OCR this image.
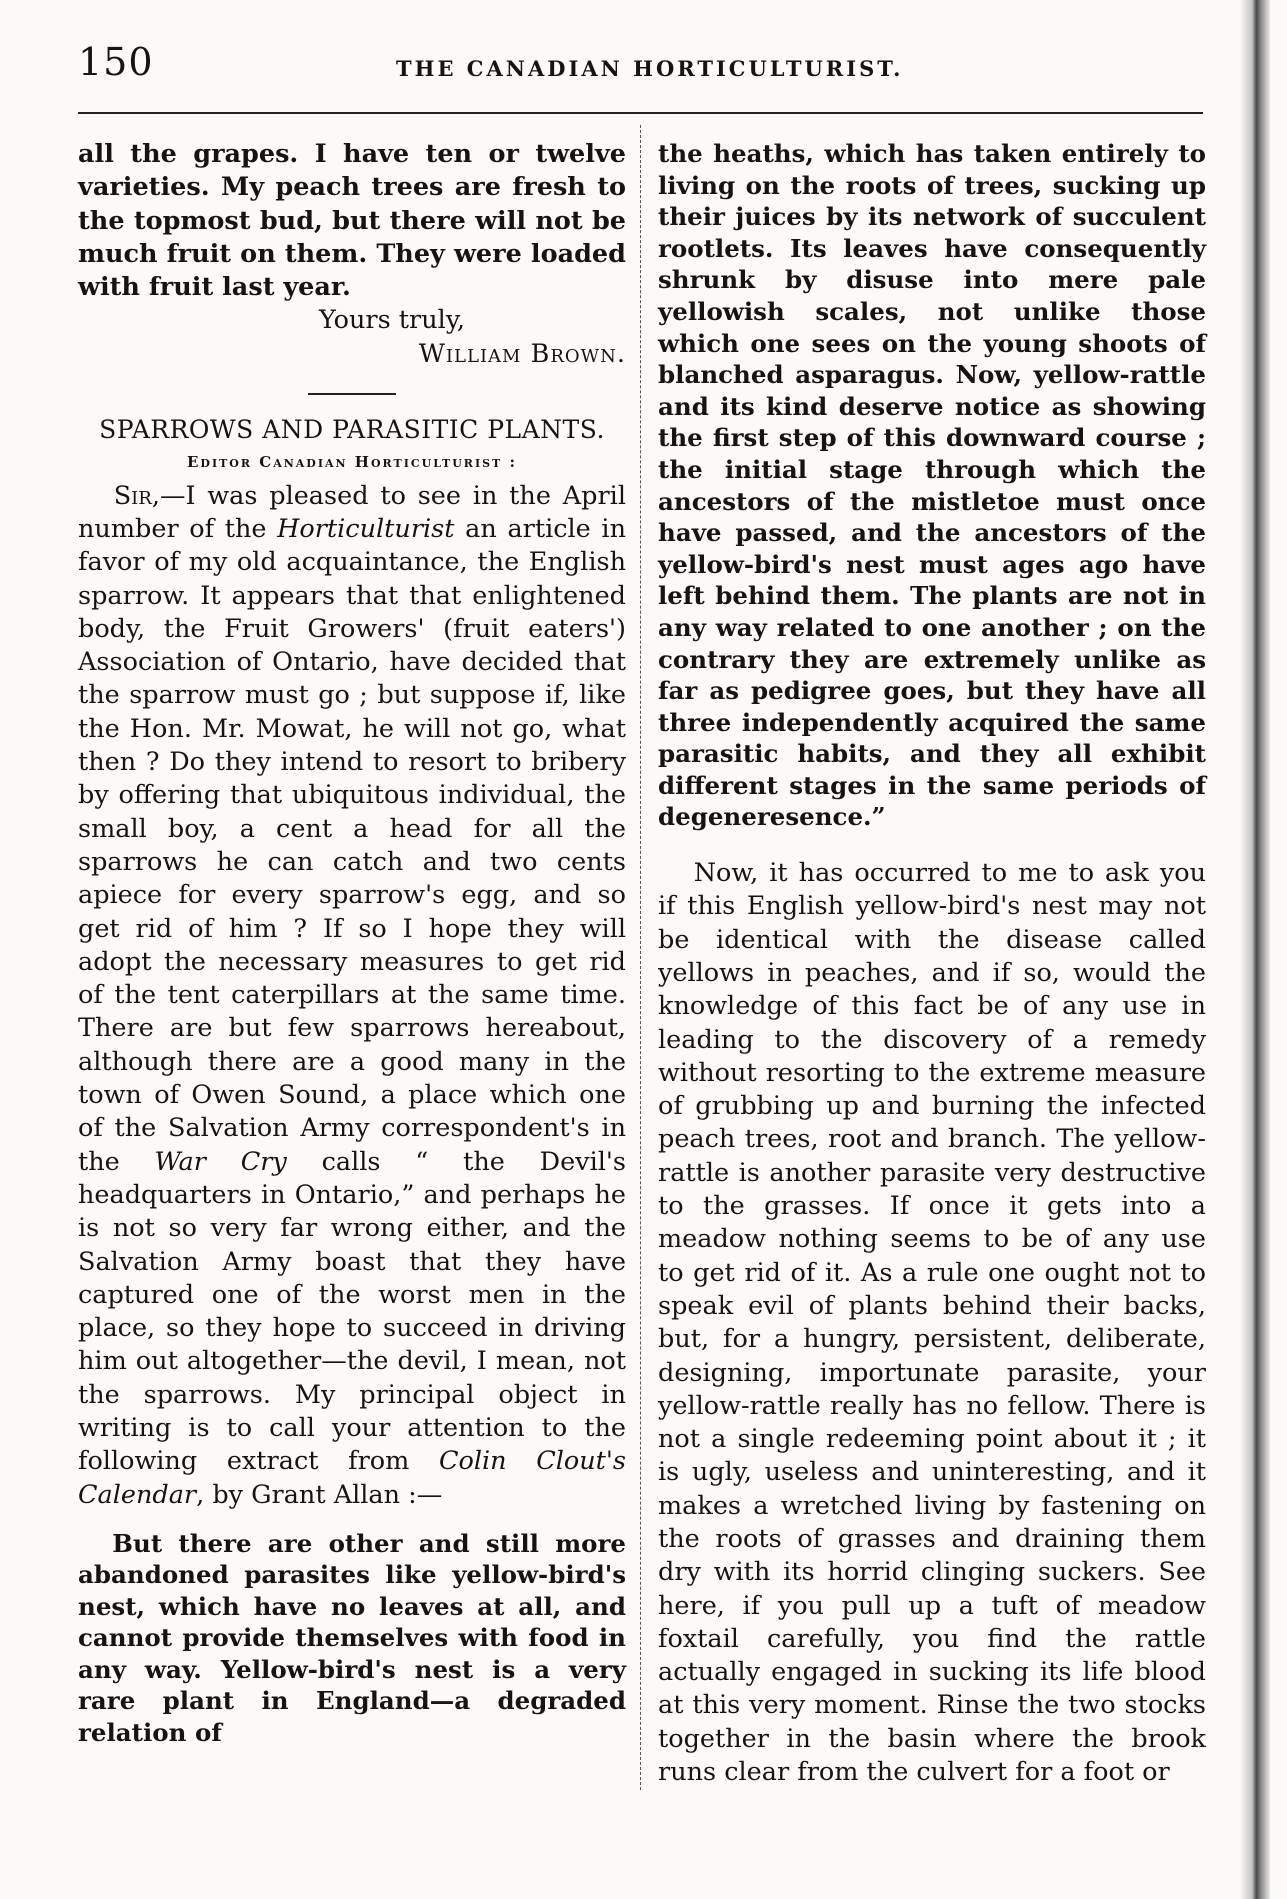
150	THE CANADIAN HORTICULTURIST.

all the grapes. I have ten or twelve varieties. My peach trees are fresh to the topmost bud, but there will not be much fruit on them. They were loaded with fruit last year.

Yours truly,

William Brown.

SPARROWS AND PARASITIC PLANTS.

Editor Canadian Horticulturist :

Sir,—I was pleased to see in the April number of the Horticulturist an article in favor of my old acquaintance, the English sparrow. It appears that that enlightened body, the Fruit Growers' (fruit eaters') Association of Ontario, have decided that the sparrow must go ; but suppose if, like the Hon. Mr. Mowat, he will not go, what then ? Do they intend to resort to bribery by offering that ubiquitous individual, the small boy, a cent a head for all the sparrows he can catch and two cents apiece for every sparrow's egg, and so get rid of him ? If so I hope they will adopt the necessary measures to get rid of the tent caterpillars at the same time. There are but few sparrows hereabout, although there are a good many in the town of Owen Sound, a place which one of the Salvation Army correspondent's in the War Cry calls “ the Devil's headquarters in Ontario,” and perhaps he is not so very far wrong either, and the Salvation Army boast that they have captured one of the worst men in the place, so they hope to succeed in driving him out altogether—the devil, I mean, not the sparrows. My principal object in writing is to call your attention to the following extract from Colin Clout's Calendar, by Grant Allan :—

But there are other and still more abandoned parasites like yellow-bird's nest, which have no leaves at all, and cannot provide themselves with food in any way. Yellow-bird's nest is a very rare plant in England—a degraded relation of

the heaths, which has taken entirely to living on the roots of trees, sucking up their juices by its network of succulent rootlets. Its leaves have consequently shrunk by disuse into mere pale yellowish scales, not unlike those which one sees on the young shoots of blanched asparagus. Now, yellow-rattle and its kind deserve notice as showing the first step of this downward course ; the initial stage through which the ancestors of the mistletoe must once have passed, and the ancestors of the yellow-bird's nest must ages ago have left behind them. The plants are not in any way related to one another ; on the contrary they are extremely unlike as far as pedigree goes, but they have all three independently acquired the same parasitic habits, and they all exhibit different stages in the same periods of degeneresence.”

Now, it has occurred to me to ask you if this English yellow-bird's nest may not be identical with the disease called yellows in peaches, and if so, would the knowledge of this fact be of any use in leading to the discovery of a remedy without resorting to the extreme measure of grubbing up and burning the infected peach trees, root and branch. The yellow-rattle is another parasite very destructive to the grasses. If once it gets into a meadow nothing seems to be of any use to get rid of it. As a rule one ought not to speak evil of plants behind their backs, but, for a hungry, persistent, deliberate, designing, importunate parasite, your yellow-rattle really has no fellow. There is not a single redeeming point about it ; it is ugly, useless and uninteresting, and it makes a wretched living by fastening on the roots of grasses and draining them dry with its horrid clinging suckers. See here, if you pull up a tuft of meadow foxtail carefully, you find the rattle actually engaged in sucking its life blood at this very moment. Rinse the two stocks together in the basin where the brook runs clear from the culvert for a foot or
